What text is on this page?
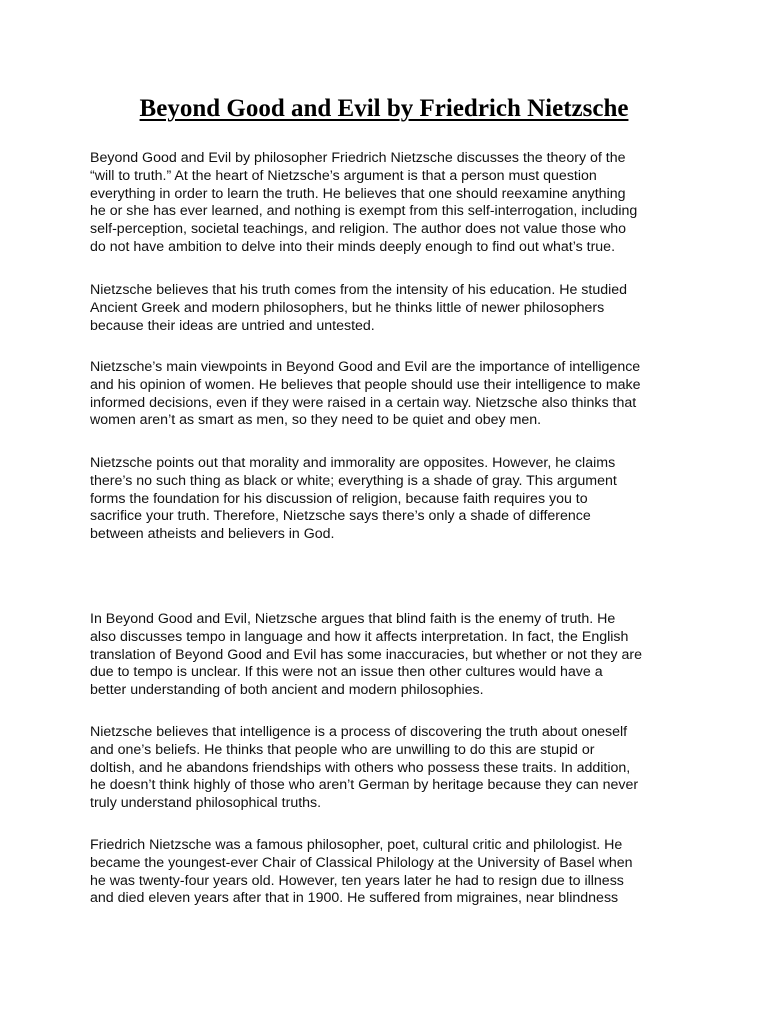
Beyond Good and Evil by Friedrich Nietzsche

Beyond Good and Evil by philosopher Friedrich Nietzsche discusses the theory of the
“will to truth.” At the heart of Nietzsche’s argument is that a person must question
everything in order to learn the truth. He believes that one should reexamine anything
he or she has ever learned, and nothing is exempt from this self-interrogation, including
self-perception, societal teachings, and religion. The author does not value those who
do not have ambition to delve into their minds deeply enough to find out what’s true.

Nietzsche believes that his truth comes from the intensity of his education. He studied
Ancient Greek and modern philosophers, but he thinks little of newer philosophers
because their ideas are untried and untested.

Nietzsche’s main viewpoints in Beyond Good and Evil are the importance of intelligence
and his opinion of women. He believes that people should use their intelligence to make
informed decisions, even if they were raised in a certain way. Nietzsche also thinks that
women aren’t as smart as men, so they need to be quiet and obey men.

Nietzsche points out that morality and immorality are opposites. However, he claims
there’s no such thing as black or white; everything is a shade of gray. This argument
forms the foundation for his discussion of religion, because faith requires you to
sacrifice your truth. Therefore, Nietzsche says there’s only a shade of difference
between atheists and believers in God.

In Beyond Good and Evil, Nietzsche argues that blind faith is the enemy of truth. He
also discusses tempo in language and how it affects interpretation. In fact, the English
translation of Beyond Good and Evil has some inaccuracies, but whether or not they are
due to tempo is unclear. If this were not an issue then other cultures would have a
better understanding of both ancient and modern philosophies.

Nietzsche believes that intelligence is a process of discovering the truth about oneself
and one’s beliefs. He thinks that people who are unwilling to do this are stupid or
doltish, and he abandons friendships with others who possess these traits. In addition,
he doesn’t think highly of those who aren’t German by heritage because they can never
truly understand philosophical truths.

Friedrich Nietzsche was a famous philosopher, poet, cultural critic and philologist. He
became the youngest-ever Chair of Classical Philology at the University of Basel when
he was twenty-four years old. However, ten years later he had to resign due to illness
and died eleven years after that in 1900. He suffered from migraines, near blindness
